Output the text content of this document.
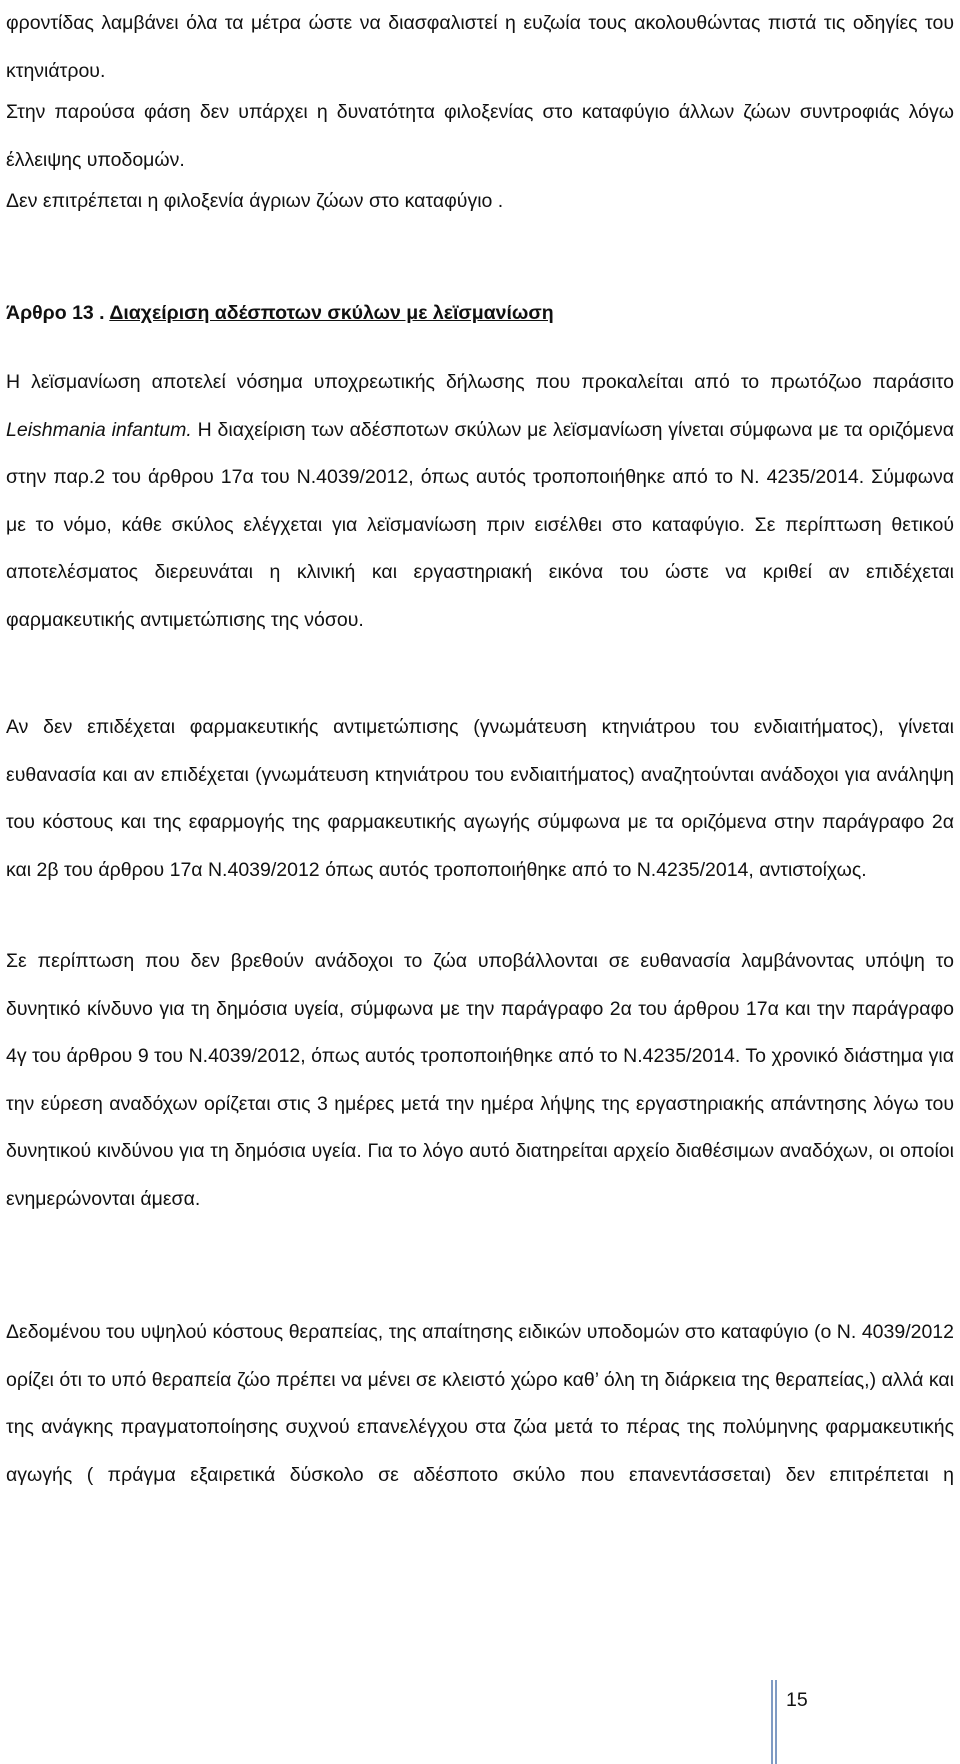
φροντίδας λαμβάνει όλα τα μέτρα ώστε να διασφαλιστεί η ευζωία τους ακολουθώντας πιστά τις οδηγίες του κτηνιάτρου.

Στην παρούσα φάση δεν υπάρχει η δυνατότητα φιλοξενίας στο καταφύγιο άλλων ζώων συντροφιάς λόγω έλλειψης υποδομών.

Δεν επιτρέπεται η φιλοξενία άγριων ζώων στο καταφύγιο .

Άρθρο 13 . Διαχείριση αδέσποτων σκύλων με λεϊσμανίωση

Η λεϊσμανίωση αποτελεί νόσημα υποχρεωτικής δήλωσης που προκαλείται από το πρωτόζωο παράσιτο Leishmania infantum. Η διαχείριση των αδέσποτων σκύλων με λεϊσμανίωση γίνεται σύμφωνα με τα οριζόμενα στην παρ.2 του άρθρου 17α του Ν.4039/2012, όπως αυτός τροποποιήθηκε από το Ν. 4235/2014. Σύμφωνα με το νόμο, κάθε σκύλος ελέγχεται για λεϊσμανίωση πριν εισέλθει στο καταφύγιο. Σε περίπτωση θετικού αποτελέσματος διερευνάται η κλινική και εργαστηριακή εικόνα του ώστε να κριθεί αν επιδέχεται φαρμακευτικής αντιμετώπισης της νόσου.

Αν δεν επιδέχεται φαρμακευτικής αντιμετώπισης (γνωμάτευση κτηνιάτρου του ενδιαιτήματος), γίνεται ευθανασία και αν επιδέχεται (γνωμάτευση κτηνιάτρου του ενδιαιτήματος) αναζητούνται ανάδοχοι για ανάληψη του κόστους και της εφαρμογής της φαρμακευτικής αγωγής σύμφωνα με τα οριζόμενα στην παράγραφο 2α και 2β του άρθρου 17α Ν.4039/2012 όπως αυτός τροποποιήθηκε από το Ν.4235/2014, αντιστοίχως.

Σε περίπτωση που δεν βρεθούν ανάδοχοι το ζώα υποβάλλονται σε ευθανασία λαμβάνοντας υπόψη το δυνητικό κίνδυνο για τη δημόσια υγεία, σύμφωνα με την παράγραφο 2α του άρθρου 17α και την παράγραφο 4γ του άρθρου 9 του Ν.4039/2012, όπως αυτός τροποποιήθηκε από το Ν.4235/2014. Το χρονικό διάστημα για την εύρεση αναδόχων ορίζεται στις 3 ημέρες μετά την ημέρα λήψης της εργαστηριακής απάντησης λόγω του δυνητικού κινδύνου για τη δημόσια υγεία. Για το λόγο αυτό διατηρείται αρχείο διαθέσιμων αναδόχων, οι οποίοι ενημερώνονται άμεσα.

Δεδομένου του υψηλού κόστους θεραπείας, της απαίτησης ειδικών υποδομών στο καταφύγιο (ο Ν. 4039/2012 ορίζει ότι το υπό θεραπεία ζώο πρέπει να μένει σε κλειστό χώρο καθ’ όλη τη διάρκεια της θεραπείας,) αλλά και της ανάγκης πραγματοποίησης συχνού επανελέγχου στα ζώα μετά το πέρας της πολύμηνης φαρμακευτικής αγωγής ( πράγμα εξαιρετικά δύσκολο σε αδέσποτο σκύλο που επανεντάσσεται) δεν επιτρέπεται η

15
